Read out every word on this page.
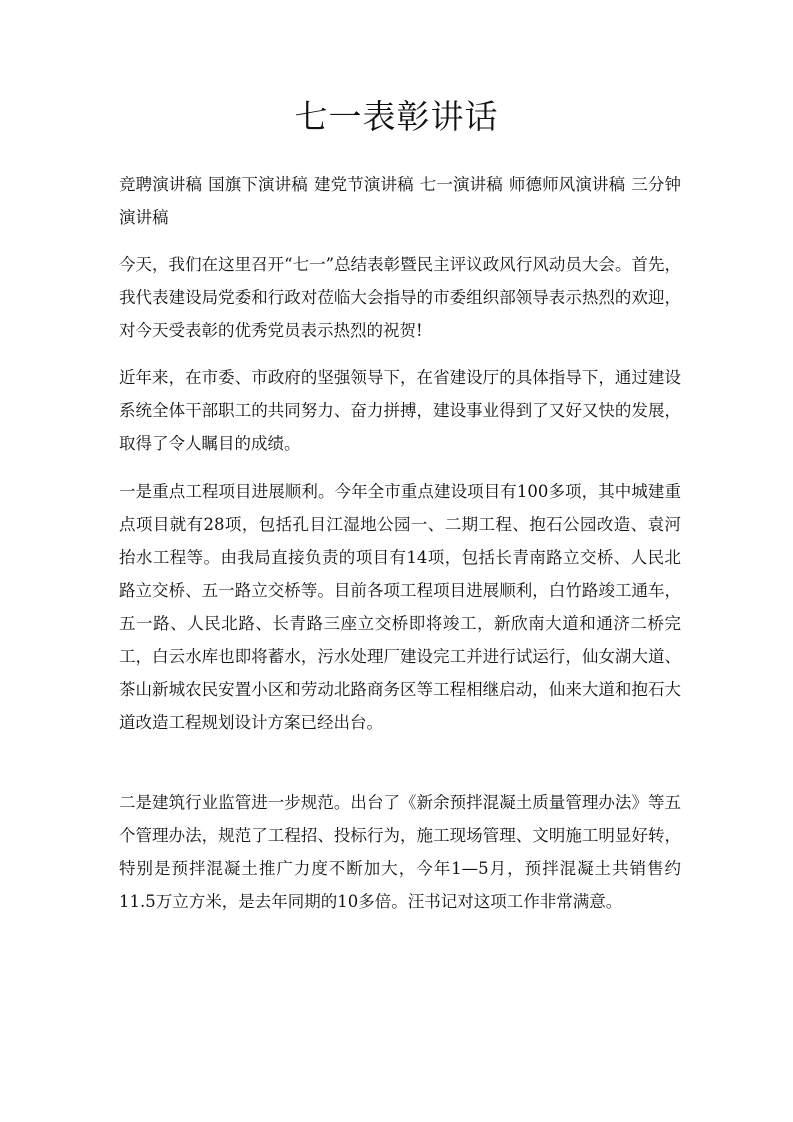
七一表彰讲话

竞聘演讲稿 国旗下演讲稿 建党节演讲稿 七一演讲稿 师德师风演讲稿 三分钟演讲稿

今天，我们在这里召开“七一”总结表彰暨民主评议政风行风动员大会。首先，我代表建设局党委和行政对莅临大会指导的市委组织部领导表示热烈的欢迎，对今天受表彰的优秀党员表示热烈的祝贺!

近年来，在市委、市政府的坚强领导下，在省建设厅的具体指导下，通过建设系统全体干部职工的共同努力、奋力拼搏，建设事业得到了又好又快的发展，取得了令人瞩目的成绩。

一是重点工程项目进展顺利。今年全市重点建设项目有100多项，其中城建重点项目就有28项，包括孔目江湿地公园一、二期工程、抱石公园改造、袁河抬水工程等。由我局直接负责的项目有14项，包括长青南路立交桥、人民北路立交桥、五一路立交桥等。目前各项工程项目进展顺利，白竹路竣工通车，五一路、人民北路、长青路三座立交桥即将竣工，新欣南大道和通济二桥完工，白云水库也即将蓄水，污水处理厂建设完工并进行试运行，仙女湖大道、茶山新城农民安置小区和劳动北路商务区等工程相继启动，仙来大道和抱石大道改造工程规划设计方案已经出台。

二是建筑行业监管进一步规范。出台了《新余预拌混凝土质量管理办法》等五个管理办法，规范了工程招、投标行为，施工现场管理、文明施工明显好转，特别是预拌混凝土推广力度不断加大，今年1—5月，预拌混凝土共销售约11.5万立方米，是去年同期的10多倍。汪书记对这项工作非常满意。
